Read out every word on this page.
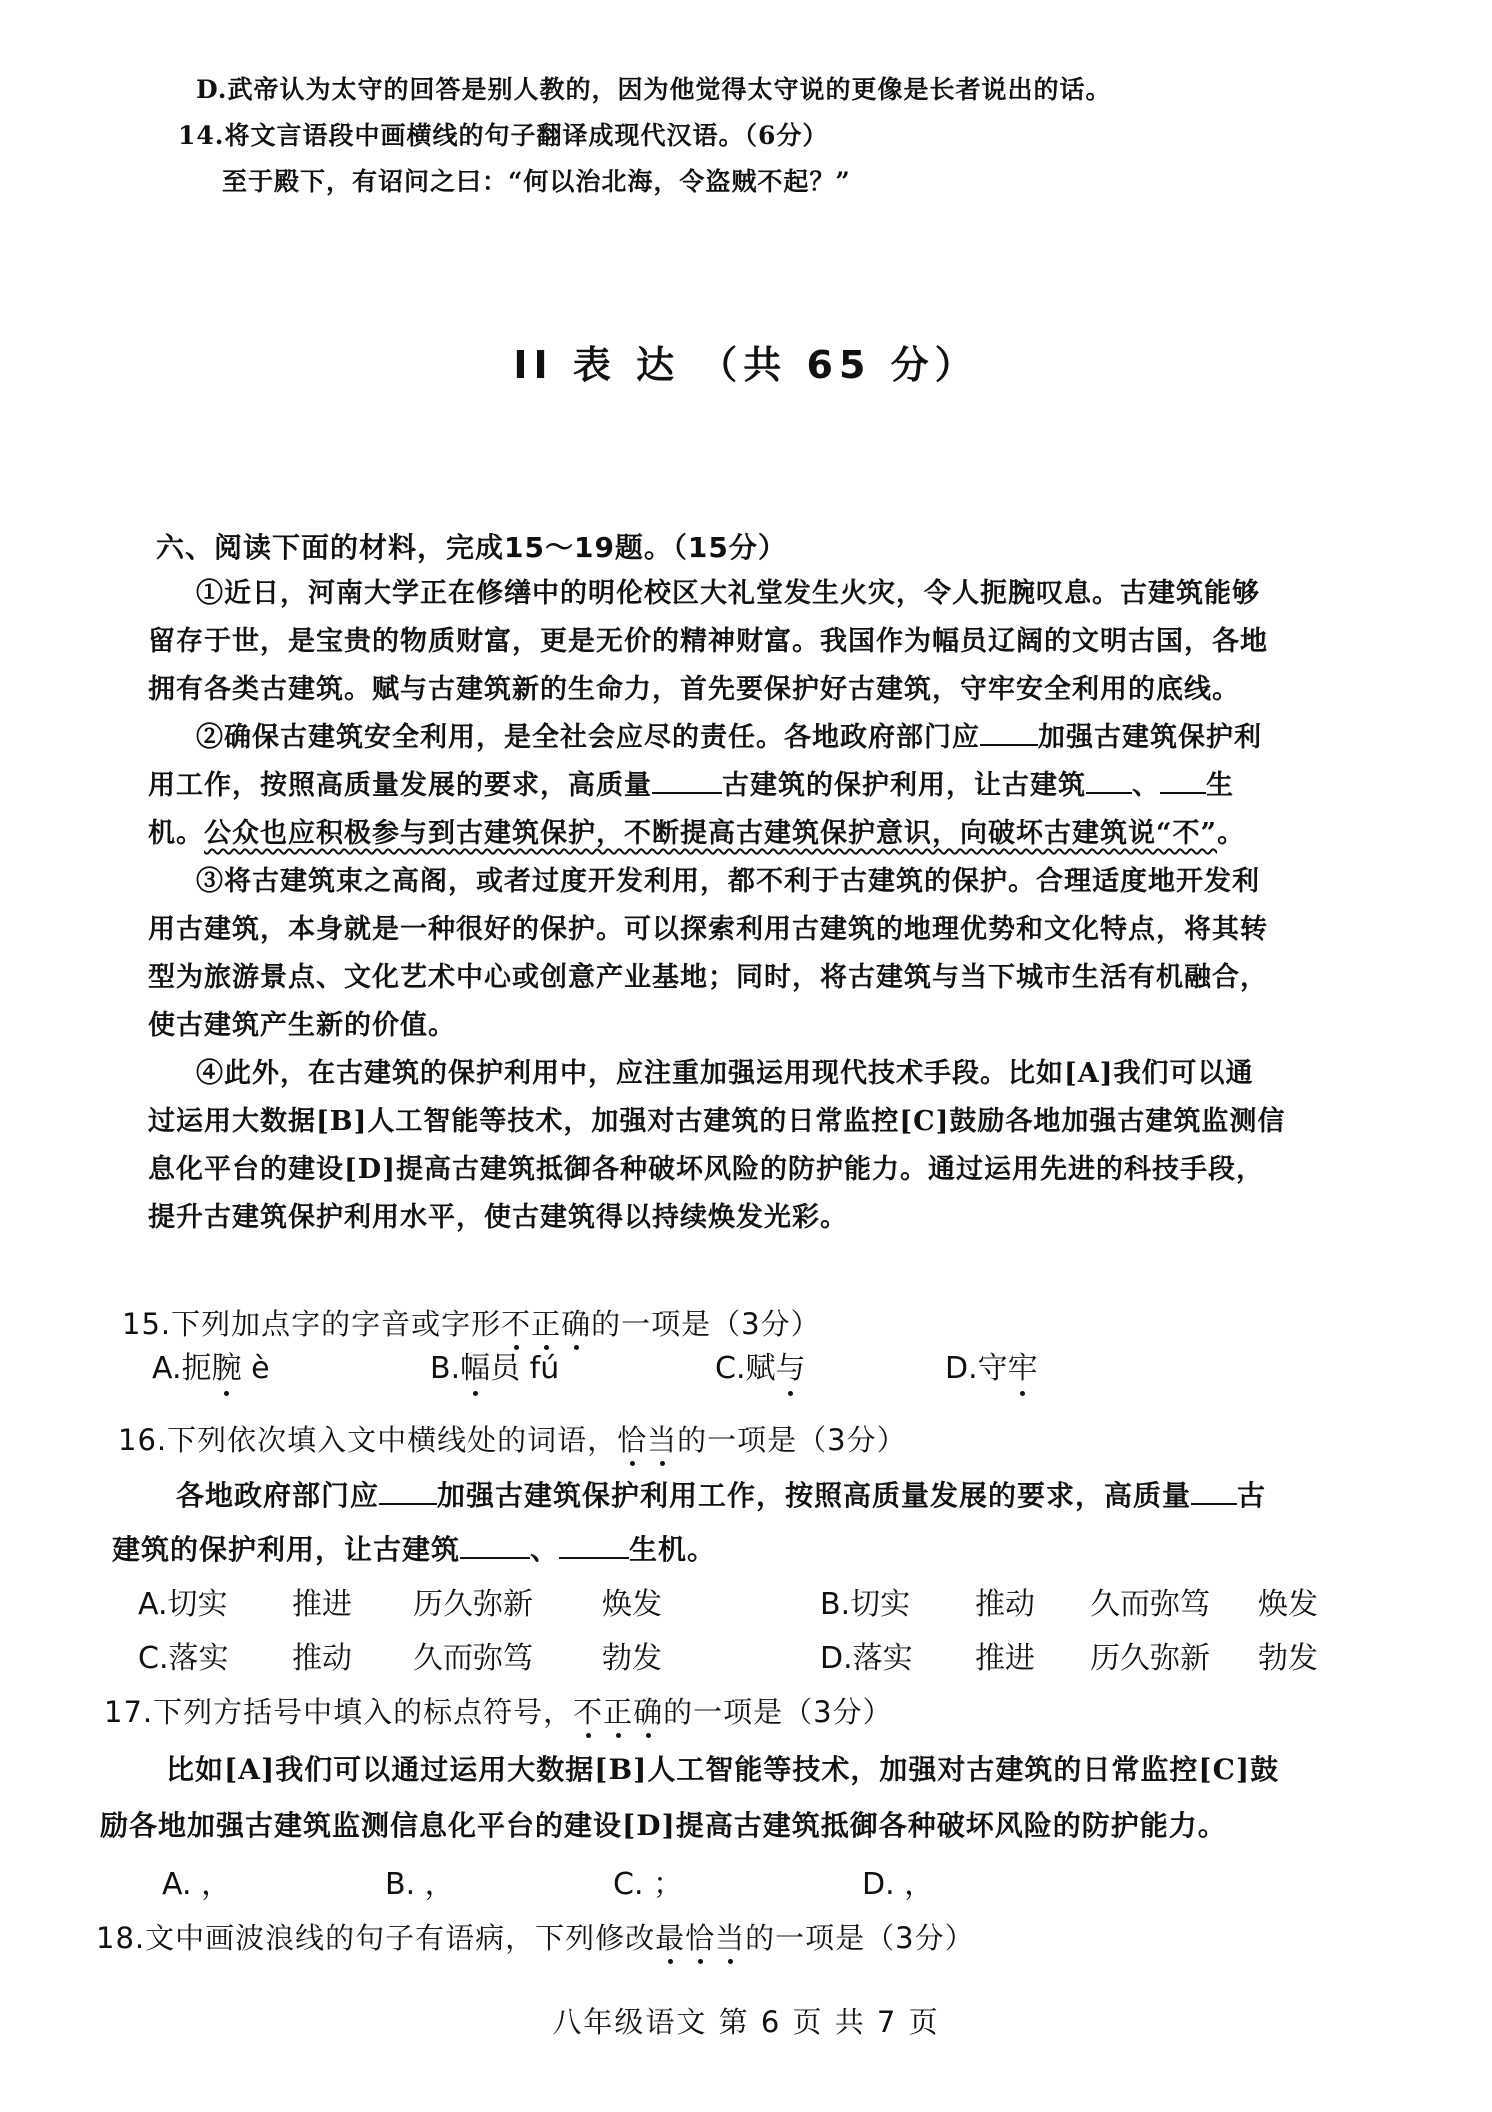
D.武帝认为太守的回答是别人教的，因为他觉得太守说的更像是长者说出的话。
14.将文言语段中画横线的句子翻译成现代汉语。（6分）
至于殿下，有诏问之曰：“何以治北海，令盗贼不起？”
II 表 达 （共 65 分）
六、阅读下面的材料，完成15～19题。（15分）
①近日，河南大学正在修缮中的明伦校区大礼堂发生火灾，令人扼腕叹息。古建筑能够
留存于世，是宝贵的物质财富，更是无价的精神财富。我国作为幅员辽阔的文明古国，各地
拥有各类古建筑。赋与古建筑新的生命力，首先要保护好古建筑，守牢安全利用的底线。
②确保古建筑安全利用，是全社会应尽的责任。各地政府部门应 加强古建筑保护利
用工作，按照高质量发展的要求，高质量	古建筑的保护利用，让古建筑 、 生
机。公众也应积极参与到古建筑保护，不断提高古建筑保护意识，向破坏古建筑说“不”。
③将古建筑束之高阁，或者过度开发利用，都不利于古建筑的保护。合理适度地开发利
用古建筑，本身就是一种很好的保护。可以探索利用古建筑的地理优势和文化特点，将其转
型为旅游景点、文化艺术中心或创意产业基地；同时，将古建筑与当下城市生活有机融合，
使古建筑产生新的价值。
④此外，在古建筑的保护利用中，应注重加强运用现代技术手段。比如[A]我们可以通
过运用大数据[B]人工智能等技术，加强对古建筑的日常监控[C]鼓励各地加强古建筑监测信
息化平台的建设[D]提高古建筑抵御各种破坏风险的防护能力。通过运用先进的科技手段，
提升古建筑保护利用水平，使古建筑得以持续焕发光彩。
15.下列加点字的字音或字形不正确的一项是（3分）
A.扼腕 è	B.幅员 fú	C.赋与	D.守牢
16.下列依次填入文中横线处的词语，恰当的一项是（3分）
各地政府部门应 加强古建筑保护利用工作，按照高质量发展的要求，高质量 古
建筑的保护利用，让古建筑	、	生机。
A.切实 推进 历久弥新 焕发	B.切实 推动 久而弥笃 焕发
C.落实 推动 久而弥笃 勃发	D.落实 推进 历久弥新 勃发
17.下列方括号中填入的标点符号，不正确的一项是（3分）
比如[A]我们可以通过运用大数据[B]人工智能等技术，加强对古建筑的日常监控[C]鼓
励各地加强古建筑监测信息化平台的建设[D]提高古建筑抵御各种破坏风险的防护能力。
A. ，	B. ，	C. ；	D. ，
18.文中画波浪线的句子有语病，下列修改最恰当的一项是（3分）
八年级语文 第 6 页 共 7 页
